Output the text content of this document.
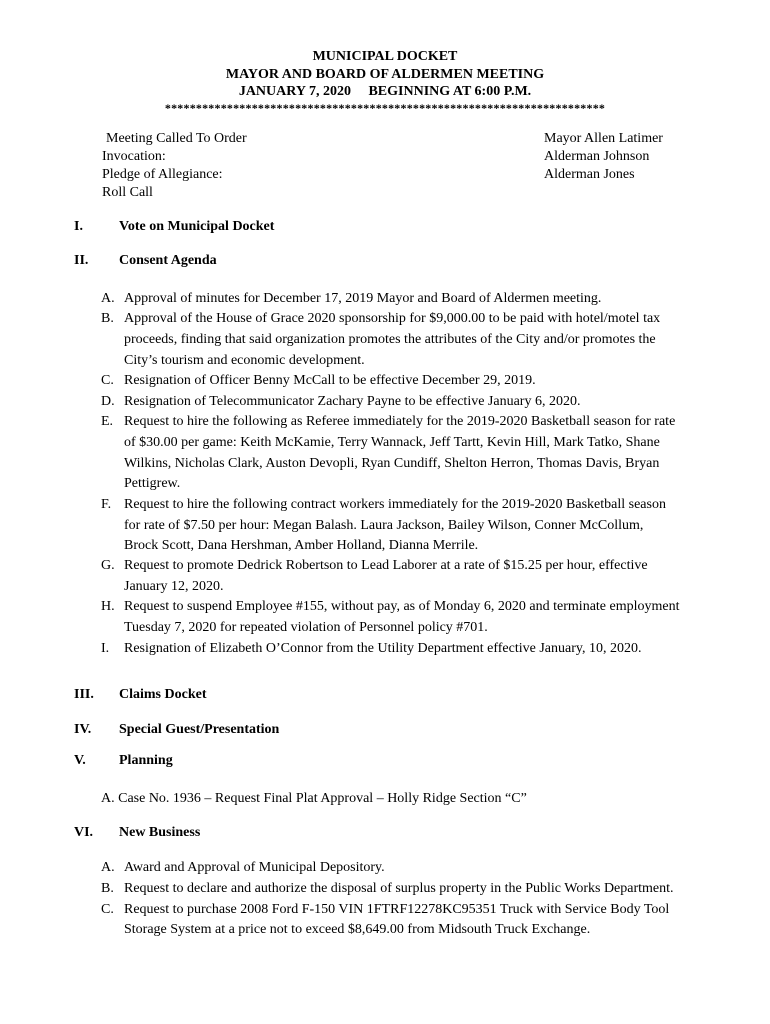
MUNICIPAL DOCKET
MAYOR AND BOARD OF ALDERMEN MEETING
JANUARY 7, 2020     BEGINNING AT 6:00 P.M.
***********************************************************************
Meeting Called To Order
Invocation:
Pledge of Allegiance:
Roll Call
Mayor Allen Latimer
Alderman Johnson
Alderman Jones
I.	Vote on Municipal Docket
II. Consent Agenda
A. Approval of minutes for December 17, 2019 Mayor and Board of Aldermen meeting.
B. Approval of the House of Grace 2020 sponsorship for $9,000.00 to be paid with hotel/motel tax
proceeds, finding that said organization promotes the attributes of the City and/or promotes the
City’s tourism and economic development.
C. Resignation of Officer Benny McCall to be effective December 29, 2019.
D. Resignation of Telecommunicator Zachary Payne to be effective January 6, 2020.
E. Request to hire the following as Referee immediately for the 2019-2020 Basketball season for rate
of $30.00 per game: Keith McKamie, Terry Wannack, Jeff Tartt, Kevin Hill, Mark Tatko, Shane
Wilkins, Nicholas Clark, Auston Devopli, Ryan Cundiff, Shelton Herron, Thomas Davis, Bryan
Pettigrew.
F. Request to hire the following contract workers immediately for the 2019-2020 Basketball season
for rate of $7.50 per hour: Megan Balash. Laura Jackson, Bailey Wilson, Conner McCollum,
Brock Scott, Dana Hershman, Amber Holland, Dianna Merrile.
G. Request to promote Dedrick Robertson to Lead Laborer at a rate of $15.25 per hour, effective
January 12, 2020.
H. Request to suspend Employee #155, without pay, as of Monday 6, 2020 and terminate employment
Tuesday 7, 2020 for repeated violation of Personnel policy #701.
I. Resignation of Elizabeth O’Connor from the Utility Department effective January, 10, 2020.
III. Claims Docket
IV. Special Guest/Presentation
V. Planning
A. Case No. 1936 – Request Final Plat Approval – Holly Ridge Section “C”
VI. New Business
A. Award and Approval of Municipal Depository.
B. Request to declare and authorize the disposal of surplus property in the Public Works Department.
C. Request to purchase 2008 Ford F-150 VIN 1FTRF12278KC95351 Truck with Service Body Tool
Storage System at a price not to exceed $8,649.00 from Midsouth Truck Exchange.
